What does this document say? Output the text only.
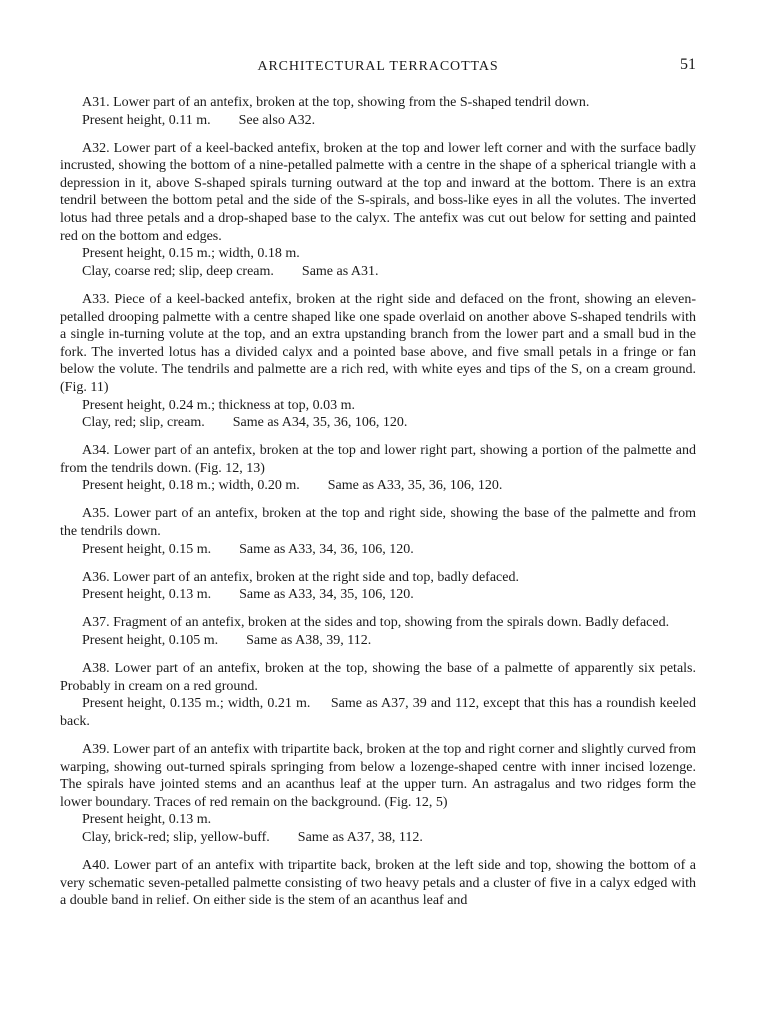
ARCHITECTURAL TERRACOTTAS	51

A31. Lower part of an antefix, broken at the top, showing from the S-shaped tendril down.

Present height, 0.11 m. See also A32.

A32. Lower part of a keel-backed antefix, broken at the top and lower left corner and with the surface badly incrusted, showing the bottom of a nine-petalled palmette with a centre in the shape of a spherical triangle with a depression in it, above S-shaped spirals turning outward at the top and inward at the bottom. There is an extra tendril between the bottom petal and the side of the S-spirals, and boss-like eyes in all the volutes. The inverted lotus had three petals and a drop-shaped base to the calyx. The antefix was cut out below for setting and painted red on the bottom and edges.

Present height, 0.15 m.; width, 0.18 m.
Clay, coarse red; slip, deep cream. Same as A31.

A33. Piece of a keel-backed antefix, broken at the right side and defaced on the front, showing an eleven-petalled drooping palmette with a centre shaped like one spade overlaid on another above S-shaped tendrils with a single in-turning volute at the top, and an extra upstanding branch from the lower part and a small bud in the fork. The inverted lotus has a divided calyx and a pointed base above, and five small petals in a fringe or fan below the volute. The tendrils and palmette are a rich red, with white eyes and tips of the S, on a cream ground. (Fig. 11)

Present height, 0.24 m.; thickness at top, 0.03 m.
Clay, red; slip, cream. Same as A34, 35, 36, 106, 120.

A34. Lower part of an antefix, broken at the top and lower right part, showing a portion of the palmette and from the tendrils down. (Fig. 12, 13)

Present height, 0.18 m.; width, 0.20 m. Same as A33, 35, 36, 106, 120.

A35. Lower part of an antefix, broken at the top and right side, showing the base of the palmette and from the tendrils down.

Present height, 0.15 m. Same as A33, 34, 36, 106, 120.

A36. Lower part of an antefix, broken at the right side and top, badly defaced.

Present height, 0.13 m. Same as A33, 34, 35, 106, 120.

A37. Fragment of an antefix, broken at the sides and top, showing from the spirals down. Badly defaced.

Present height, 0.105 m. Same as A38, 39, 112.

A38. Lower part of an antefix, broken at the top, showing the base of a palmette of apparently six petals. Probably in cream on a red ground.

Present height, 0.135 m.; width, 0.21 m.     Same as A37, 39 and 112, except that this has a roundish keeled back.

A39. Lower part of an antefix with tripartite back, broken at the top and right corner and slightly curved from warping, showing out-turned spirals springing from below a lozenge-shaped centre with inner incised lozenge. The spirals have jointed stems and an acanthus leaf at the upper turn. An astragalus and two ridges form the lower boundary. Traces of red remain on the background. (Fig. 12, 5)

Present height, 0.13 m.
Clay, brick-red; slip, yellow-buff. Same as A37, 38, 112.

A40. Lower part of an antefix with tripartite back, broken at the left side and top, showing the bottom of a very schematic seven-petalled palmette consisting of two heavy petals and a cluster of five in a calyx edged with a double band in relief. On either side is the stem of an acanthus leaf and
